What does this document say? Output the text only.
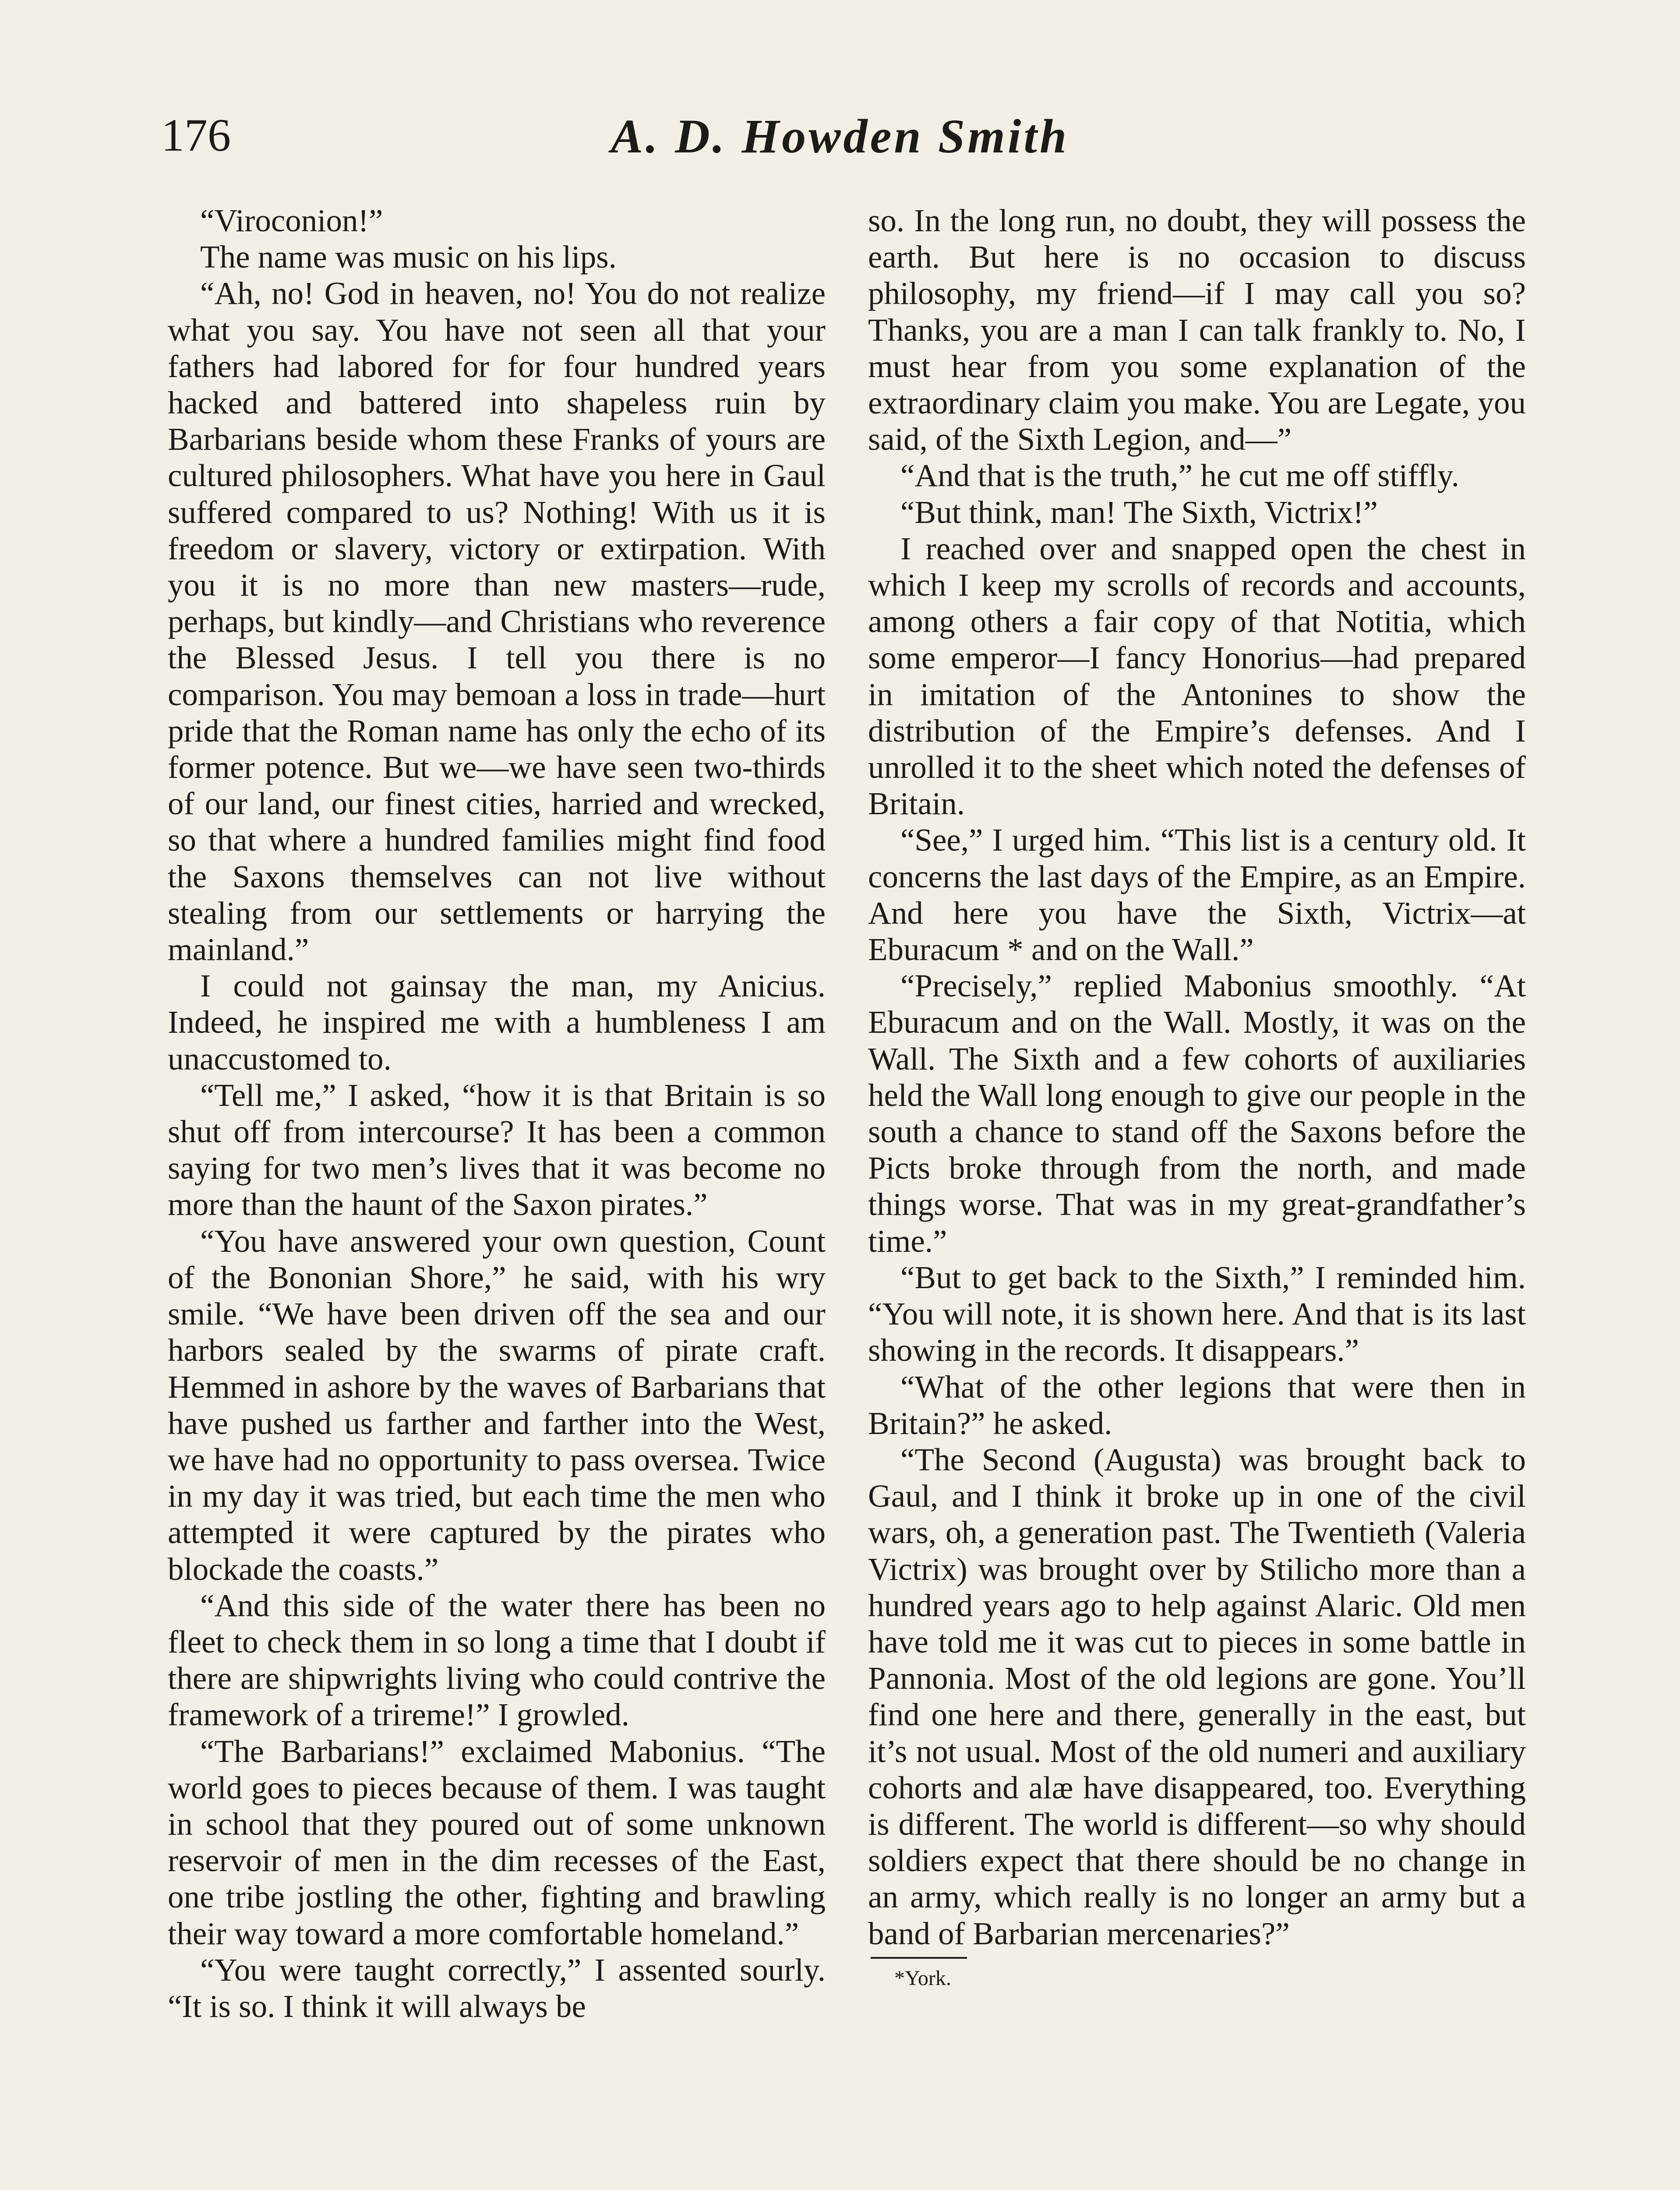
176	A. D. Howden Smith

“Viroconion!”

The name was music on his lips.

“Ah, no! God in heaven, no! You do not realize what you say. You have not seen all that your fathers had labored for for four hundred years hacked and battered into shapeless ruin by Barbarians beside whom these Franks of yours are cultured philosophers. What have you here in Gaul suffered compared to us? Nothing! With us it is freedom or slavery, victory or extirpation. With you it is no more than new masters—rude, perhaps, but kindly—and Christians who reverence the Blessed Jesus. I tell you there is no comparison. You may bemoan a loss in trade—hurt pride that the Roman name has only the echo of its former potence. But we—we have seen two-thirds of our land, our finest cities, harried and wrecked, so that where a hundred families might find food the Saxons themselves can not live without stealing from our settlements or harrying the mainland.”

I could not gainsay the man, my Anicius. Indeed, he inspired me with a humbleness I am unaccustomed to.

“Tell me,” I asked, “how it is that Britain is so shut off from intercourse? It has been a common saying for two men’s lives that it was become no more than the haunt of the Saxon pirates.”

“You have answered your own question, Count of the Bononian Shore,” he said, with his wry smile. “We have been driven off the sea and our harbors sealed by the swarms of pirate craft. Hemmed in ashore by the waves of Barbarians that have pushed us farther and farther into the West, we have had no opportunity to pass oversea. Twice in my day it was tried, but each time the men who attempted it were captured by the pirates who blockade the coasts.”

“And this side of the water there has been no fleet to check them in so long a time that I doubt if there are shipwrights living who could contrive the framework of a trireme!” I growled.

“The Barbarians!” exclaimed Mabonius. “The world goes to pieces because of them. I was taught in school that they poured out of some unknown reservoir of men in the dim recesses of the East, one tribe jostling the other, fighting and brawling their way toward a more comfortable homeland.”

“You were taught correctly,” I assented sourly. “It is so. I think it will always be

so. In the long run, no doubt, they will possess the earth. But here is no occasion to discuss philosophy, my friend—if I may call you so? Thanks, you are a man I can talk frankly to. No, I must hear from you some explanation of the extraordinary claim you make. You are Legate, you said, of the Sixth Legion, and—”

“And that is the truth,” he cut me off stiffly.

“But think, man! The Sixth, Victrix!”

I reached over and snapped open the chest in which I keep my scrolls of records and accounts, among others a fair copy of that Notitia, which some emperor—I fancy Honorius—had prepared in imitation of the Antonines to show the distribution of the Empire’s defenses. And I unrolled it to the sheet which noted the defenses of Britain.

“See,” I urged him. “This list is a century old. It concerns the last days of the Empire, as an Empire. And here you have the Sixth, Victrix—at Eburacum * and on the Wall.”

“Precisely,” replied Mabonius smoothly. “At Eburacum and on the Wall. Mostly, it was on the Wall. The Sixth and a few cohorts of auxiliaries held the Wall long enough to give our people in the south a chance to stand off the Saxons before the Picts broke through from the north, and made things worse. That was in my great-grandfather’s time.”

“But to get back to the Sixth,” I reminded him. “You will note, it is shown here. And that is its last showing in the records. It disappears.”

“What of the other legions that were then in Britain?” he asked.

“The Second (Augusta) was brought back to Gaul, and I think it broke up in one of the civil wars, oh, a generation past. The Twentieth (Valeria Victrix) was brought over by Stilicho more than a hundred years ago to help against Alaric. Old men have told me it was cut to pieces in some battle in Pannonia. Most of the old legions are gone. You’ll find one here and there, generally in the east, but it’s not usual. Most of the old numeri and auxiliary cohorts and alæ have disappeared, too. Everything is different. The world is different—so why should soldiers expect that there should be no change in an army, which really is no longer an army but a band of Barbarian mercenaries?”

*York.
